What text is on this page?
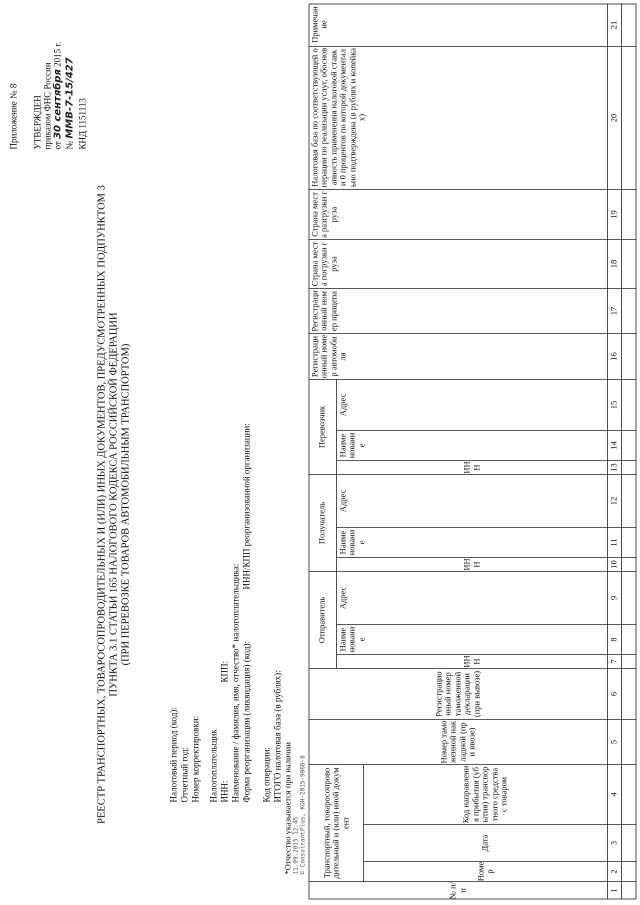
Приложение № 8 УТВЕРЖДЕН приказом ФНС России от 30 сентября 2015 г.
№ ММВ-7-15/427 КНД 1151113
РЕЕСТР ТРАНСПОРТНЫХ, ТОВАРОСОПРОВОДИТЕЛЬНЫХ И (ИЛИ) ИНЫХ ДОКУМЕНТОВ, ПРЕДУСМОТРЕННЫХ ПОДПУНКТОМ 3 ПУНКТА 3.1 СТАТЬИ 165 НАЛОГОВОГО КОДЕКСА РОССИЙСКОЙ ФЕДЕРАЦИИ (ПРИ ПЕРЕВОЗКЕ ТОВАРОВ АВТОМОБИЛЬНЫМ ТРАНСПОРТОМ)
Налоговый период (код): Отчетный год: Номер корректировки: Налогоплательщик ИНН:
КПП: Наименование / фамилия, имя, отчество* налогоплательщика: Форма реорганизации (ликвидация) (код):
ИНН/КПП реорганизованной организации:
Код операции: ИТОГО налоговая база (в рублях):
*Отчество указывается при наличии 11.09.2015 12:45 © ConsultantPlus, КОН-2015-9066-8
№ п/п
Транспортный, товаросопроводительный и (или) иной документ
Номер
Дата
Код направления прибытия (убытия) транспортного средства с товаром
Номер таможенной накладной (при ввозе)
Регистрационный номер таможенной декларации (при вывозе)
Отправитель
ИНН
Наименование
Адрес
Получатель
ИНН
Наименование
Адрес
Перевозчик
ИНН
Наименование
Адрес
Регистрационный номер автомобиля
Регистрационный номер прицепа
Страна места погрузки груза
Страна места разгрузки груза
Налоговая база по соответствующей операции по реализации услуг, обоснованность применения налоговой ставки 0 процентов по которой документально подтверждена (в рублях и копейках)
Примечание
1
2
3
4
5
6
7
8
9
10
11
12
13
14
15
16
17
18
19
20
21
